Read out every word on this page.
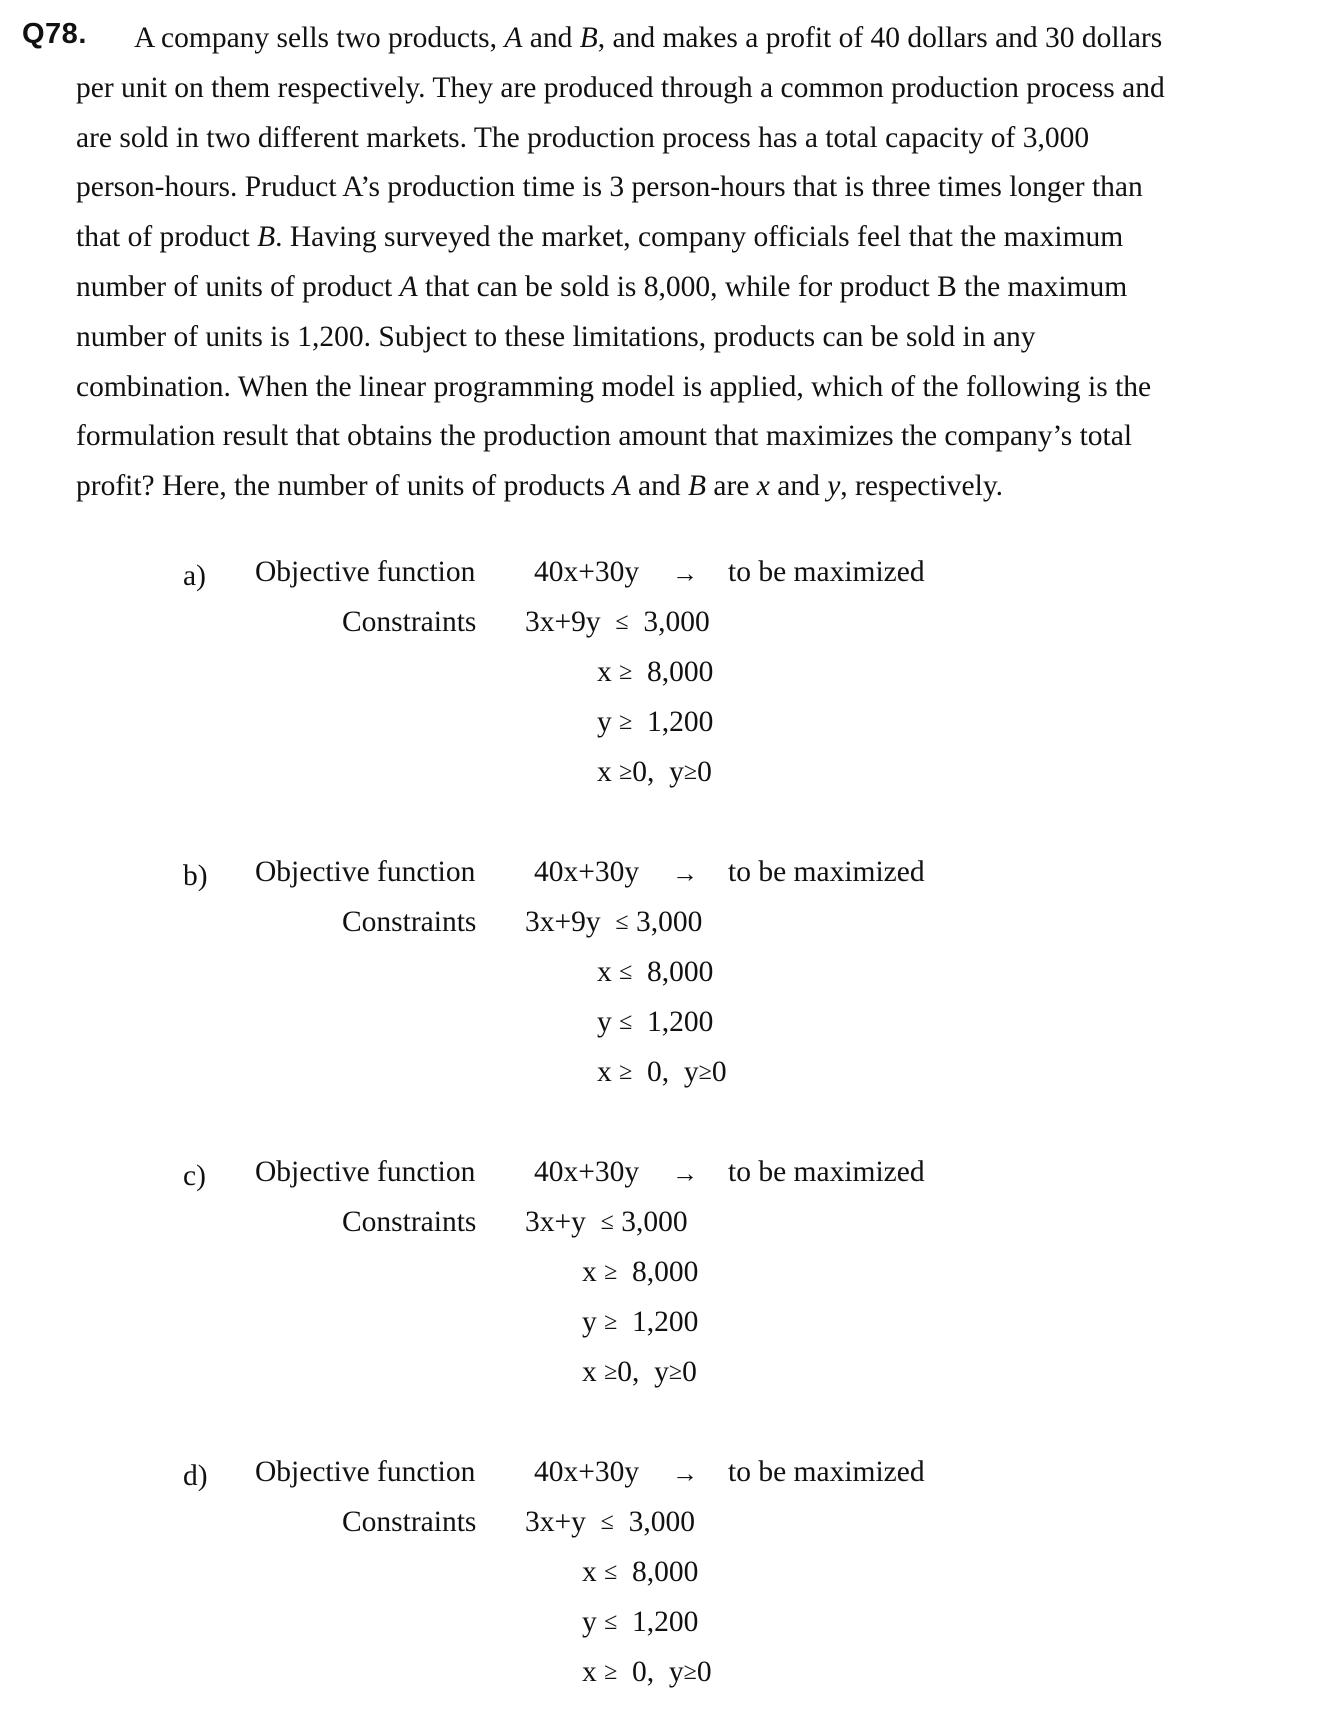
Q78.	A company sells two products, A and B, and makes a profit of 40 dollars and 30 dollars
per unit on them respectively. They are produced through a common production process and
are sold in two different markets. The production process has a total capacity of 3,000
person-hours. Pruduct A’s production time is 3 person-hours that is three times longer than
that of product B. Having surveyed the market, company officials feel that the maximum
number of units of product A that can be sold is 8,000, while for product B the maximum
number of units is 1,200. Subject to these limitations, products can be sold in any
combination. When the linear programming model is applied, which of the following is the
formulation result that obtains the production amount that maximizes the company’s total
profit? Here, the number of units of products A and B are x and y, respectively.
a) Objective function 40x+30y → to be maximized
Constraints 3x+9y ≤ 3,000
x ≥ 8,000
y ≥ 1,200
x ≥0, y≥0
b) Objective function 40x+30y → to be maximized
Constraints 3x+9y ≤ 3,000
x ≤ 8,000
y ≤ 1,200
x ≥ 0, y≥0
c) Objective function 40x+30y → to be maximized
Constraints 3x+y ≤ 3,000
x ≥ 8,000
y ≥ 1,200
x ≥0, y≥0
d) Objective function 40x+30y → to be maximized
Constraints 3x+y ≤ 3,000
x ≤ 8,000
y ≤ 1,200
x ≥ 0, y≥0
